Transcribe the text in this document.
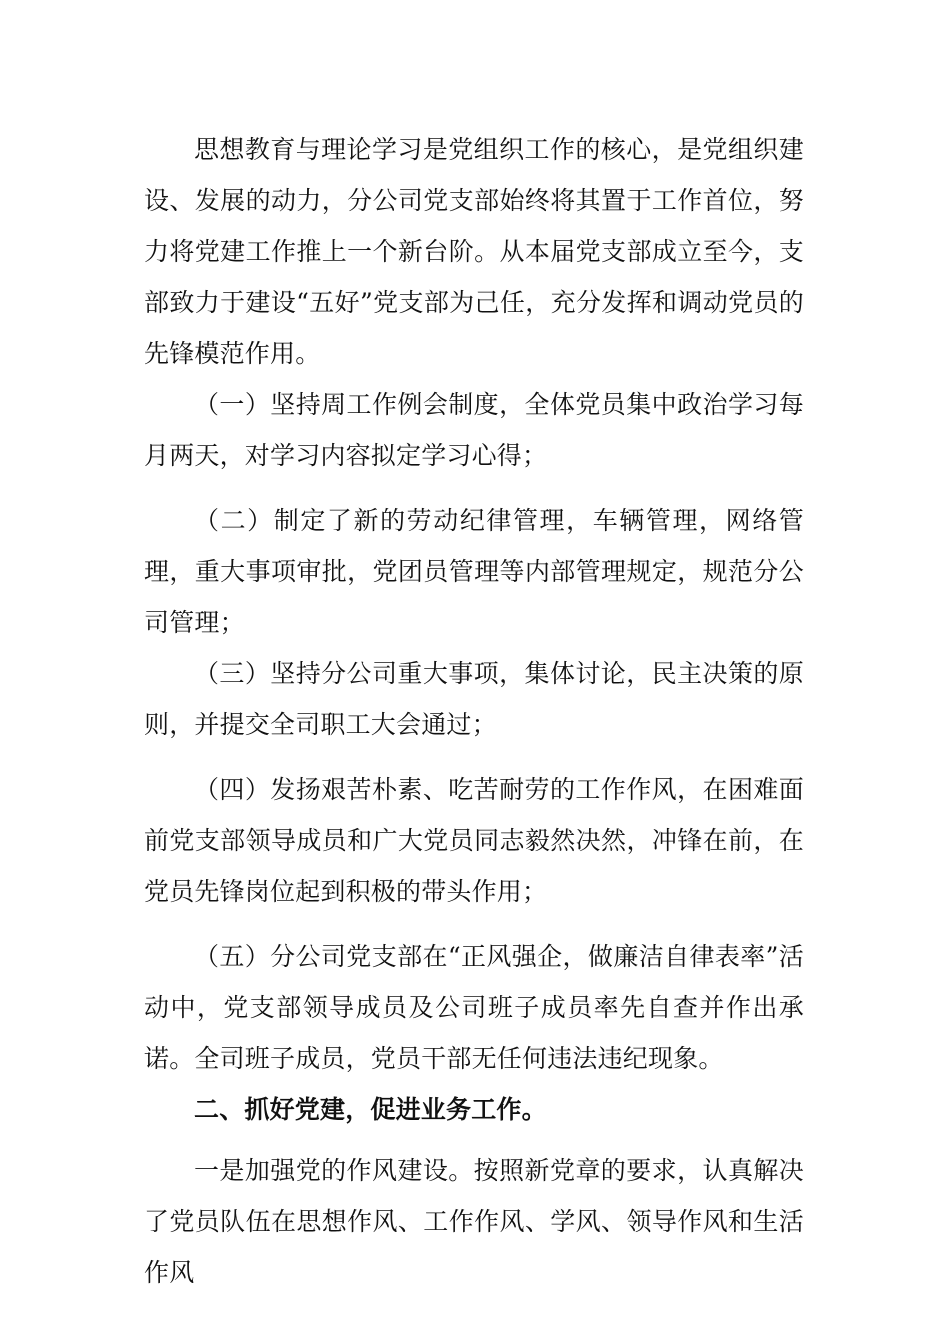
思想教育与理论学习是党组织工作的核心，是党组织建设、发展的动力，分公司党支部始终将其置于工作首位，努力将党建工作推上一个新台阶。从本届党支部成立至今，支部致力于建设“五好”党支部为己任，充分发挥和调动党员的先锋模范作用。

（一）坚持周工作例会制度，全体党员集中政治学习每月两天，对学习内容拟定学习心得；

（二）制定了新的劳动纪律管理，车辆管理，网络管理，重大事项审批，党团员管理等内部管理规定，规范分公司管理；

（三）坚持分公司重大事项，集体讨论，民主决策的原则，并提交全司职工大会通过；

（四）发扬艰苦朴素、吃苦耐劳的工作作风，在困难面前党支部领导成员和广大党员同志毅然决然，冲锋在前，在党员先锋岗位起到积极的带头作用；

（五）分公司党支部在“正风强企，做廉洁自律表率”活动中，党支部领导成员及公司班子成员率先自查并作出承诺。全司班子成员，党员干部无任何违法违纪现象。

二、抓好党建，促进业务工作。

一是加强党的作风建设。按照新党章的要求，认真解决了党员队伍在思想作风、工作作风、学风、领导作风和生活作风
